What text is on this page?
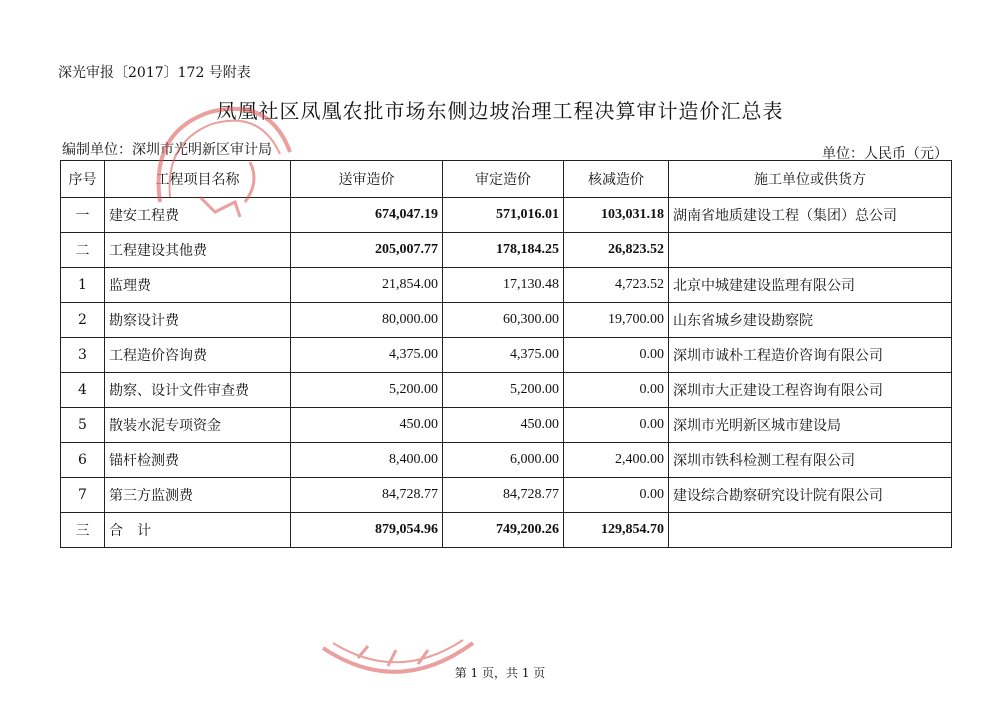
深光审报〔2017〕172 号附表
凤凰社区凤凰农批市场东侧边坡治理工程决算审计造价汇总表
编制单位：深圳市光明新区审计局	单位：人民币（元）
序号	工程项目名称	送审造价	审定造价	核减造价	施工单位或供货方
一	建安工程费	674,047.19	571,016.01	103,031.18	湖南省地质建设工程（集团）总公司
二	工程建设其他费	205,007.77	178,184.25	26,823.52	
1	监理费	21,854.00	17,130.48	4,723.52	北京中城建建设监理有限公司
2	勘察设计费	80,000.00	60,300.00	19,700.00	山东省城乡建设勘察院
3	工程造价咨询费	4,375.00	4,375.00	0.00	深圳市诚朴工程造价咨询有限公司
4	勘察、设计文件审查费	5,200.00	5,200.00	0.00	深圳市大正建设工程咨询有限公司
5	散装水泥专项资金	450.00	450.00	0.00	深圳市光明新区城市建设局
6	锚杆检测费	8,400.00	6,000.00	2,400.00	深圳市铁科检测工程有限公司
7	第三方监测费	84,728.77	84,728.77	0.00	建设综合勘察研究设计院有限公司
三	合　计	879,054.96	749,200.26	129,854.70	
第 1 页，共 1 页
